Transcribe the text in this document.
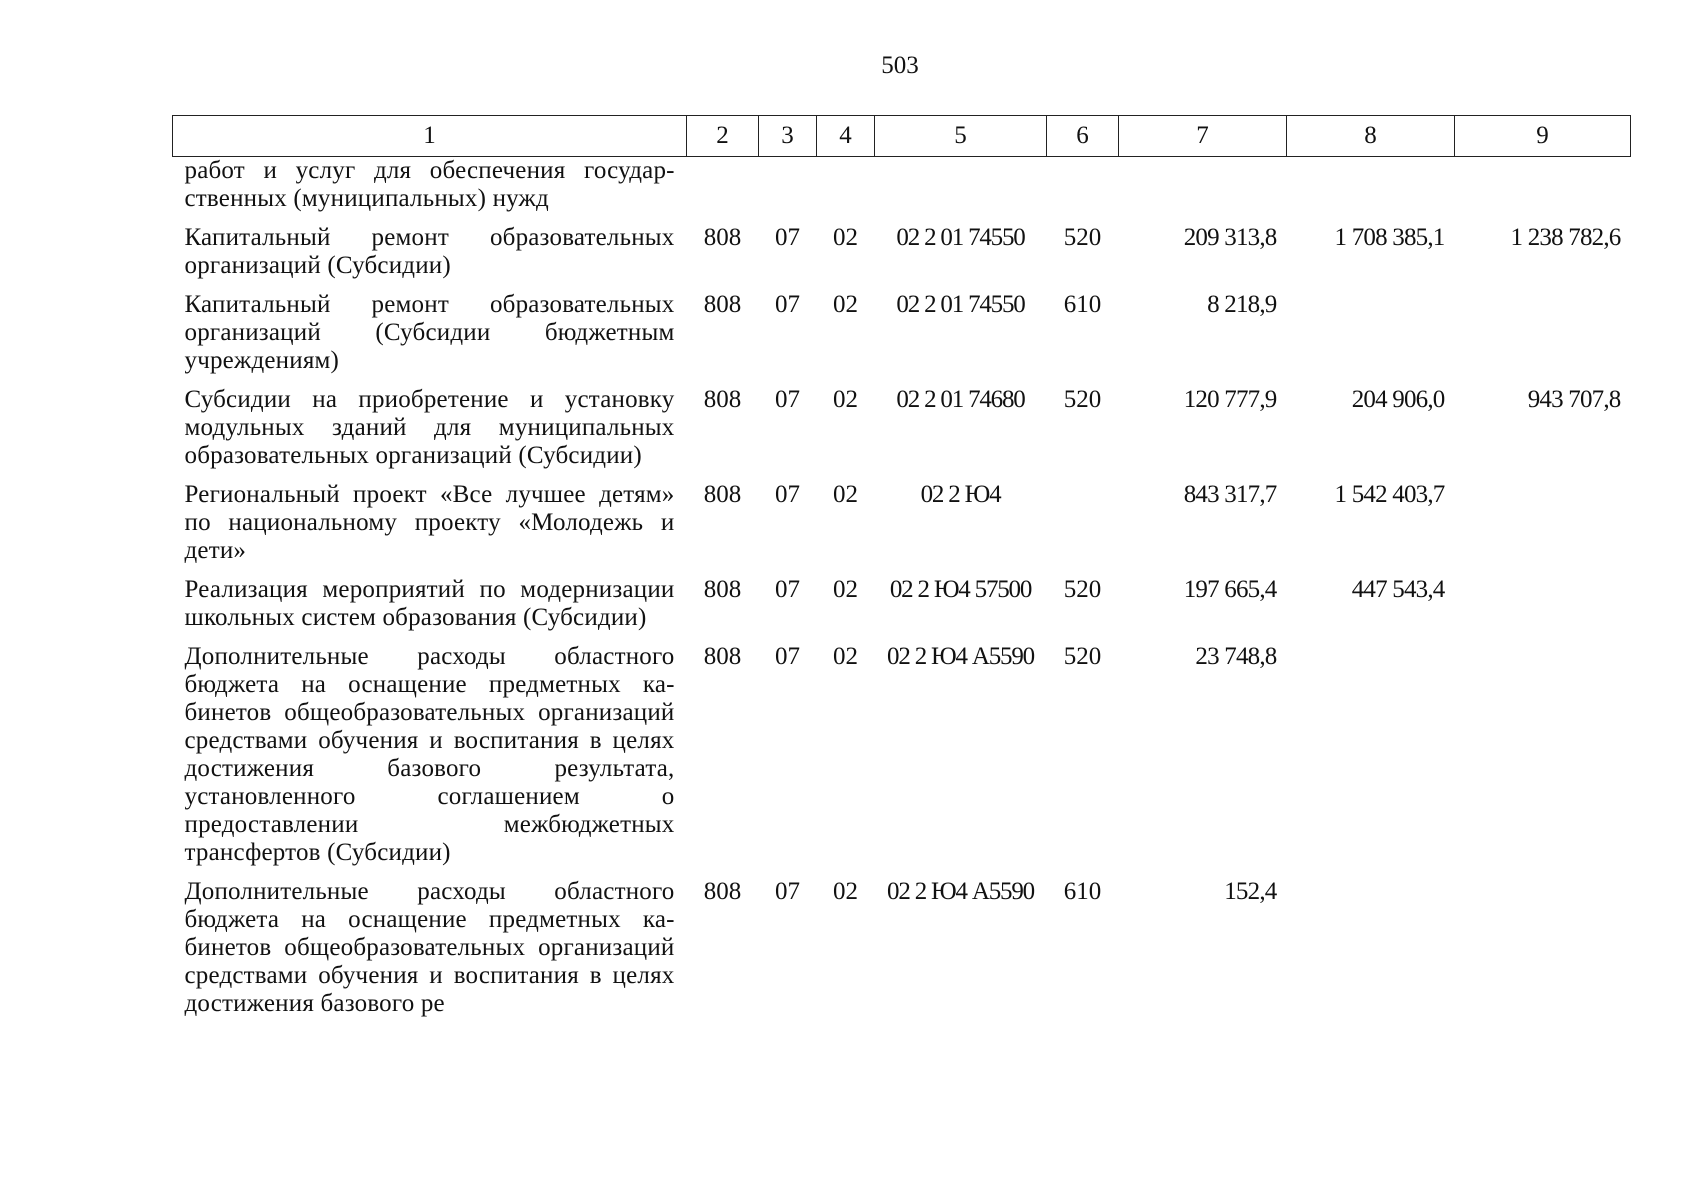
503
1	2	3	4	5	6	7	8	9
работ и услуг для обеспечения государственных (муниципальных) нужд								
Капитальный ремонт образовательных организаций (Субсидии)	808	07	02	02 2 01 74550	520	209 313,8	1 708 385,1	1 238 782,6
Капитальный ремонт образовательных организаций (Субсидии бюджетным учреждениям)	808	07	02	02 2 01 74550	610	8 218,9		
Субсидии на приобретение и установку модульных зданий для муниципальных образовательных организаций (Субсидии)	808	07	02	02 2 01 74680	520	120 777,9	204 906,0	943 707,8
Региональный проект «Все лучшее детям» по национальному проекту «Молодежь и дети»	808	07	02	02 2 Ю4		843 317,7	1 542 403,7	
Реализация мероприятий по модернизации школьных систем образования (Субсидии)	808	07	02	02 2 Ю4 57500	520	197 665,4	447 543,4	
Дополнительные расходы областного бюджета на оснащение предметных кабинетов общеобразовательных организаций средствами обучения и воспитания в целях достижения базового результата, установленного соглашением о предоставлении межбюджетных трансфертов (Субсидии)	808	07	02	02 2 Ю4 А5590	520	23 748,8		
Дополнительные расходы областного бюджета на оснащение предметных кабинетов общеобразовательных организаций средствами обучения и воспитания в целях достижения базового ре	808	07	02	02 2 Ю4 А5590	610	152,4		
